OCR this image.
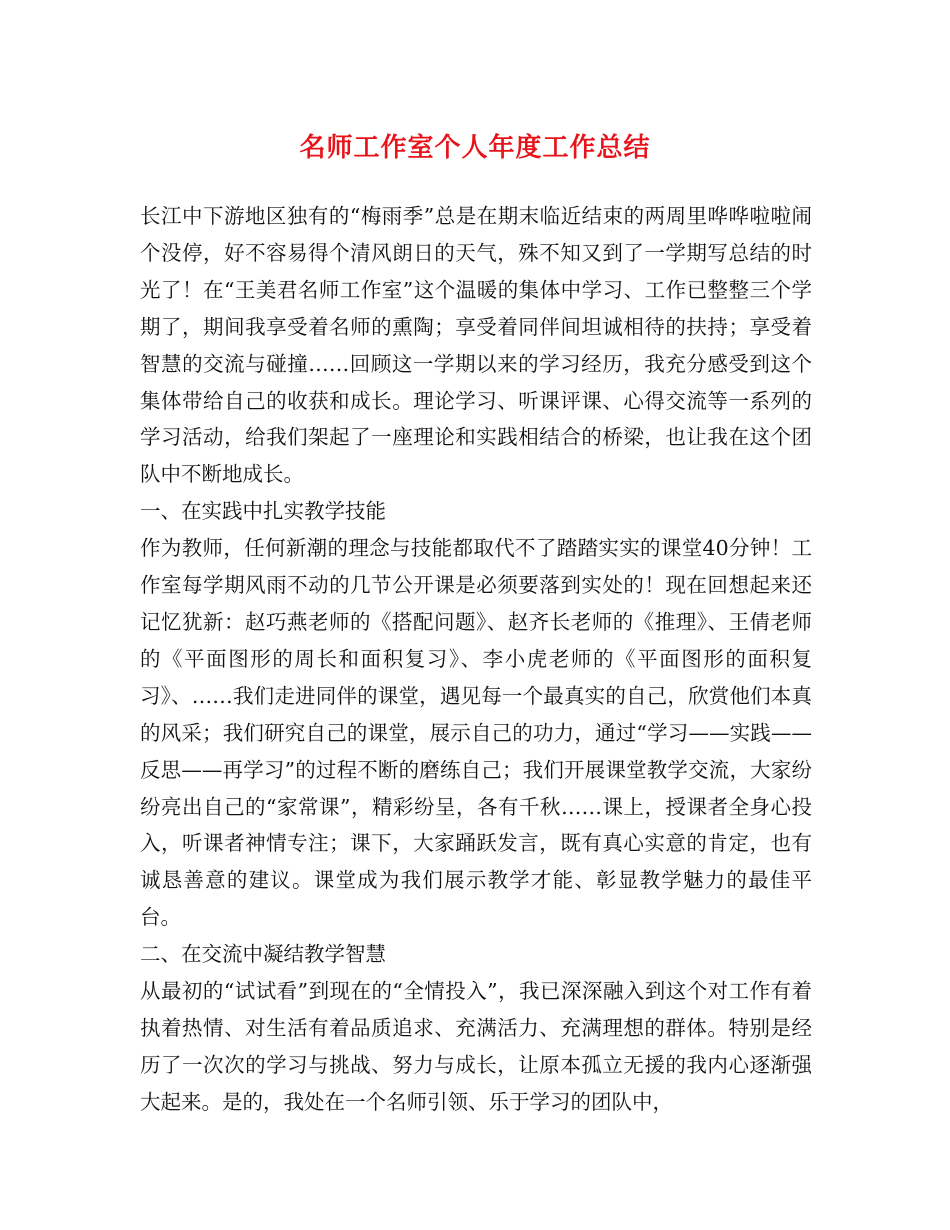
名师工作室个人年度工作总结

长江中下游地区独有的“梅雨季”总是在期末临近结束的两周里哗哗啦啦闹个没停，好不容易得个清风朗日的天气，殊不知又到了一学期写总结的时光了！在“王美君名师工作室”这个温暖的集体中学习、工作已整整三个学期了，期间我享受着名师的熏陶；享受着同伴间坦诚相待的扶持；享受着智慧的交流与碰撞……回顾这一学期以来的学习经历，我充分感受到这个集体带给自己的收获和成长。理论学习、听课评课、心得交流等一系列的学习活动，给我们架起了一座理论和实践相结合的桥梁，也让我在这个团队中不断地成长。

一、在实践中扎实教学技能

作为教师，任何新潮的理念与技能都取代不了踏踏实实的课堂40分钟！工作室每学期风雨不动的几节公开课是必须要落到实处的！现在回想起来还记忆犹新：赵巧燕老师的《搭配问题》、赵齐长老师的《推理》、王倩老师的《平面图形的周长和面积复习》、李小虎老师的《平面图形的面积复习》、……我们走进同伴的课堂，遇见每一个最真实的自己，欣赏他们本真的风采；我们研究自己的课堂，展示自己的功力，通过“学习——实践——反思——再学习”的过程不断的磨练自己；我们开展课堂教学交流，大家纷纷亮出自己的“家常课”，精彩纷呈，各有千秋……课上，授课者全身心投入，听课者神情专注；课下，大家踊跃发言，既有真心实意的肯定，也有诚恳善意的建议。课堂成为我们展示教学才能、彰显教学魅力的最佳平台。

二、在交流中凝结教学智慧

从最初的“试试看”到现在的“全情投入”，我已深深融入到这个对工作有着执着热情、对生活有着品质追求、充满活力、充满理想的群体。特别是经历了一次次的学习与挑战、努力与成长，让原本孤立无援的我内心逐渐强大起来。是的，我处在一个名师引领、乐于学习的团队中，
